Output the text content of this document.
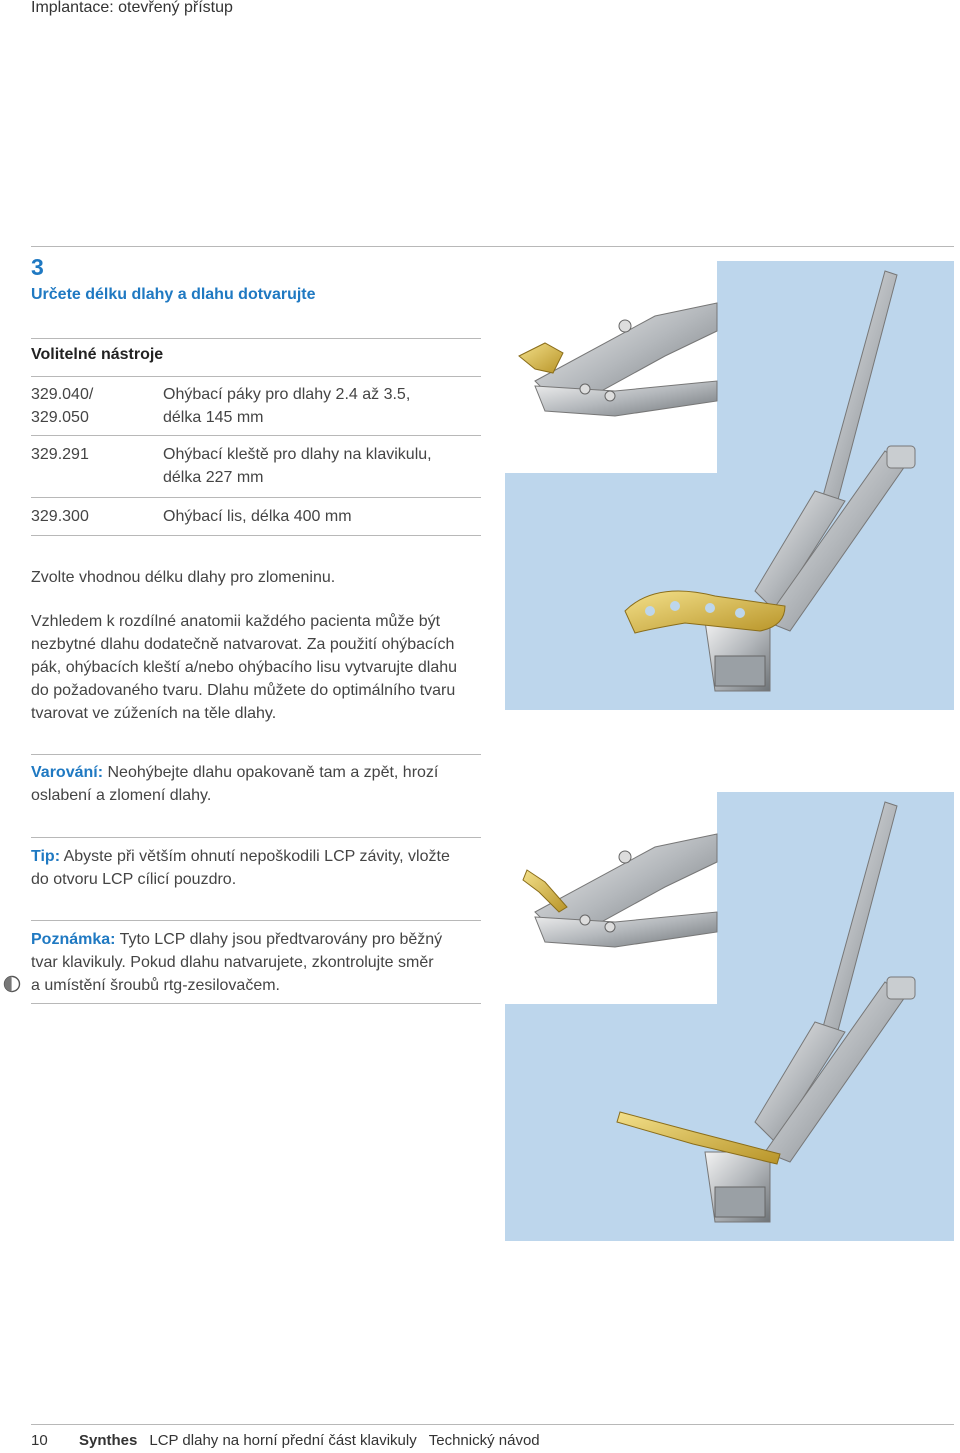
Implantace: otevřený přístup
3
Určete délku dlahy a dlahu dotvarujte
Volitelné nástroje
329.040/
329.050
Ohýbací páky pro dlahy 2.4 až 3.5,
délka 145 mm
329.291	Ohýbací kleště pro dlahy na klavikulu,
délka 227 mm
329.300	Ohýbací lis, délka 400 mm
Zvolte vhodnou délku dlahy pro zlomeninu.
Vzhledem k rozdílné anatomii každého pacienta může být
nezbytné dlahu dodatečně natvarovat. Za použití ohýbacích
pák, ohýbacích kleští a/nebo ohýbacího lisu vytvarujte dlahu
do požadovaného tvaru. Dlahu můžete do optimálního tvaru
tvarovat ve zúženích na těle dlahy.
Varování: Neohýbejte dlahu opakovaně tam a zpět, hrozí
oslabení a zlomení dlahy.
Tip: Abyste při větším ohnutí nepoškodili LCP závity, vložte
do otvoru LCP cílicí pouzdro.
Poznámka: Tyto LCP dlahy jsou předtvarovány pro běžný
tvar klavikuly. Pokud dlahu natvarujete, zkontrolujte směr
a umístění šroubů rtg-zesilovačem.
10 Synthes LCP dlahy na horní přední část klavikuly Technický návod
